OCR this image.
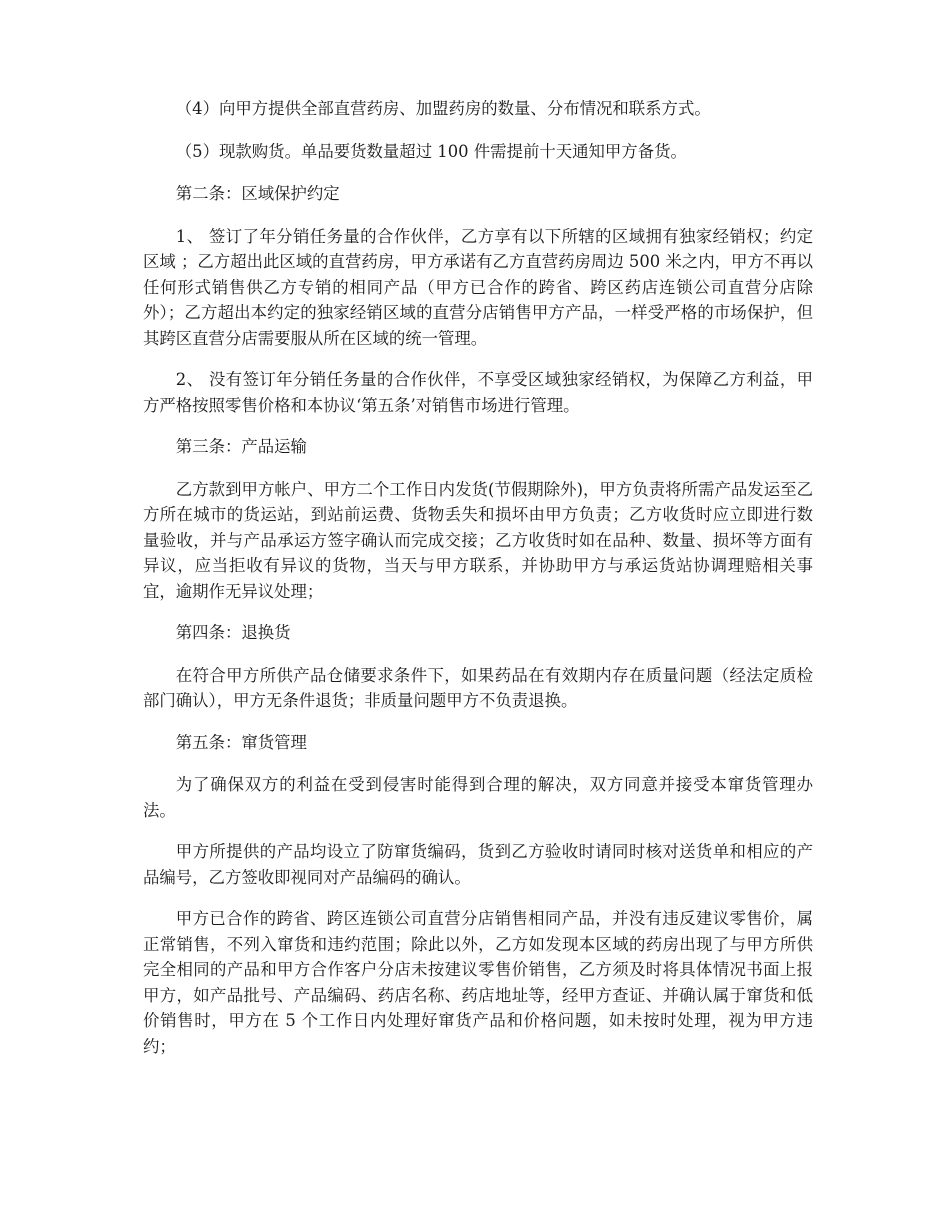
（4）向甲方提供全部直营药房、加盟药房的数量、分布情况和联系方式。

（5）现款购货。单品要货数量超过 100 件需提前十天通知甲方备货。

第二条：区域保护约定

1、 签订了年分销任务量的合作伙伴，乙方享有以下所辖的区域拥有独家经销权；约定区域 ；乙方超出此区域的直营药房，甲方承诺有乙方直营药房周边 500 米之内，甲方不再以任何形式销售供乙方专销的相同产品（甲方已合作的跨省、跨区药店连锁公司直营分店除外）；乙方超出本约定的独家经销区域的直营分店销售甲方产品，一样受严格的市场保护，但其跨区直营分店需要服从所在区域的统一管理。

2、 没有签订年分销任务量的合作伙伴，不享受区域独家经销权，为保障乙方利益，甲方严格按照零售价格和本协议‘第五条’对销售市场进行管理。

第三条：产品运输

乙方款到甲方帐户、甲方二个工作日内发货(节假期除外)，甲方负责将所需产品发运至乙方所在城市的货运站，到站前运费、货物丢失和损坏由甲方负责；乙方收货时应立即进行数量验收，并与产品承运方签字确认而完成交接；乙方收货时如在品种、数量、损坏等方面有异议，应当拒收有异议的货物，当天与甲方联系，并协助甲方与承运货站协调理赔相关事宜，逾期作无异议处理；

第四条：退换货

在符合甲方所供产品仓储要求条件下，如果药品在有效期内存在质量问题（经法定质检部门确认），甲方无条件退货；非质量问题甲方不负责退换。

第五条：窜货管理

为了确保双方的利益在受到侵害时能得到合理的解决，双方同意并接受本窜货管理办法。

甲方所提供的产品均设立了防窜货编码，货到乙方验收时请同时核对送货单和相应的产品编号，乙方签收即视同对产品编码的确认。

甲方已合作的跨省、跨区连锁公司直营分店销售相同产品，并没有违反建议零售价，属正常销售，不列入窜货和违约范围；除此以外，乙方如发现本区域的药房出现了与甲方所供完全相同的产品和甲方合作客户分店未按建议零售价销售，乙方须及时将具体情况书面上报甲方，如产品批号、产品编码、药店名称、药店地址等，经甲方查证、并确认属于窜货和低价销售时，甲方在 5 个工作日内处理好窜货产品和价格问题，如未按时处理，视为甲方违约；
